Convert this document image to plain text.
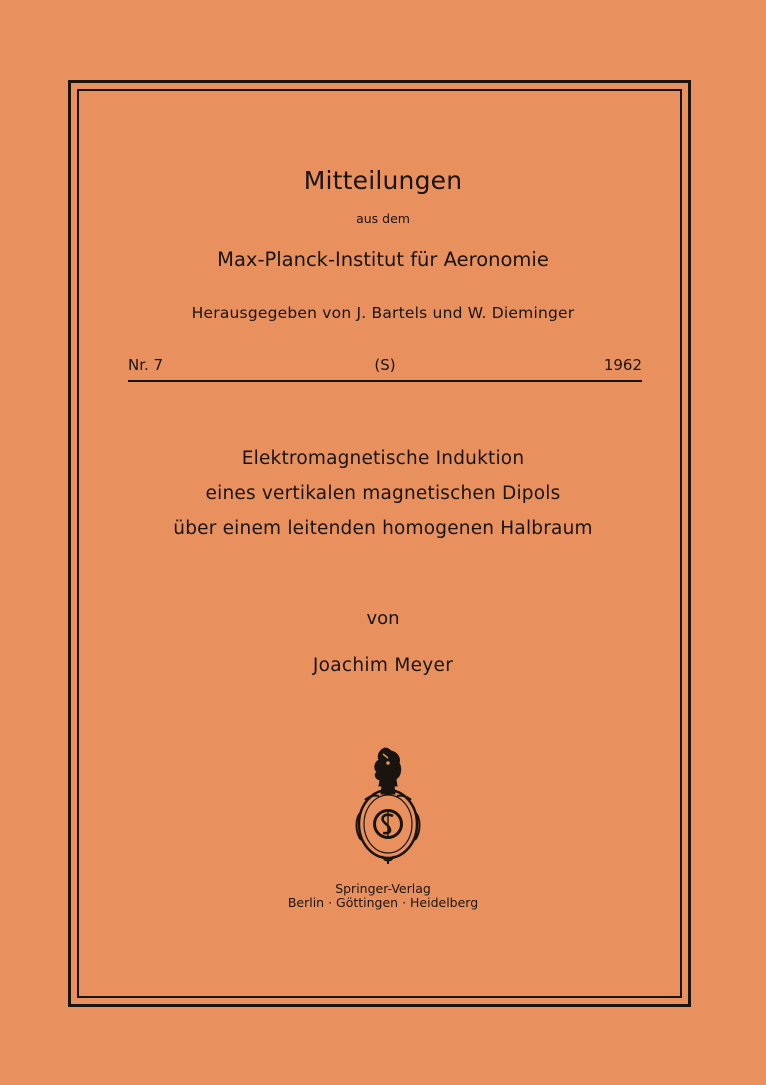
Mitteilungen
aus dem
Max-Planck-Institut für Aeronomie
Herausgegeben von J. Bartels und W. Dieminger
Nr. 7	(S)	1962
Elektromagnetische Induktion
eines vertikalen magnetischen Dipols
über einem leitenden homogenen Halbraum
von
Joachim Meyer
Springer-Verlag
Berlin · Göttingen · Heidelberg
